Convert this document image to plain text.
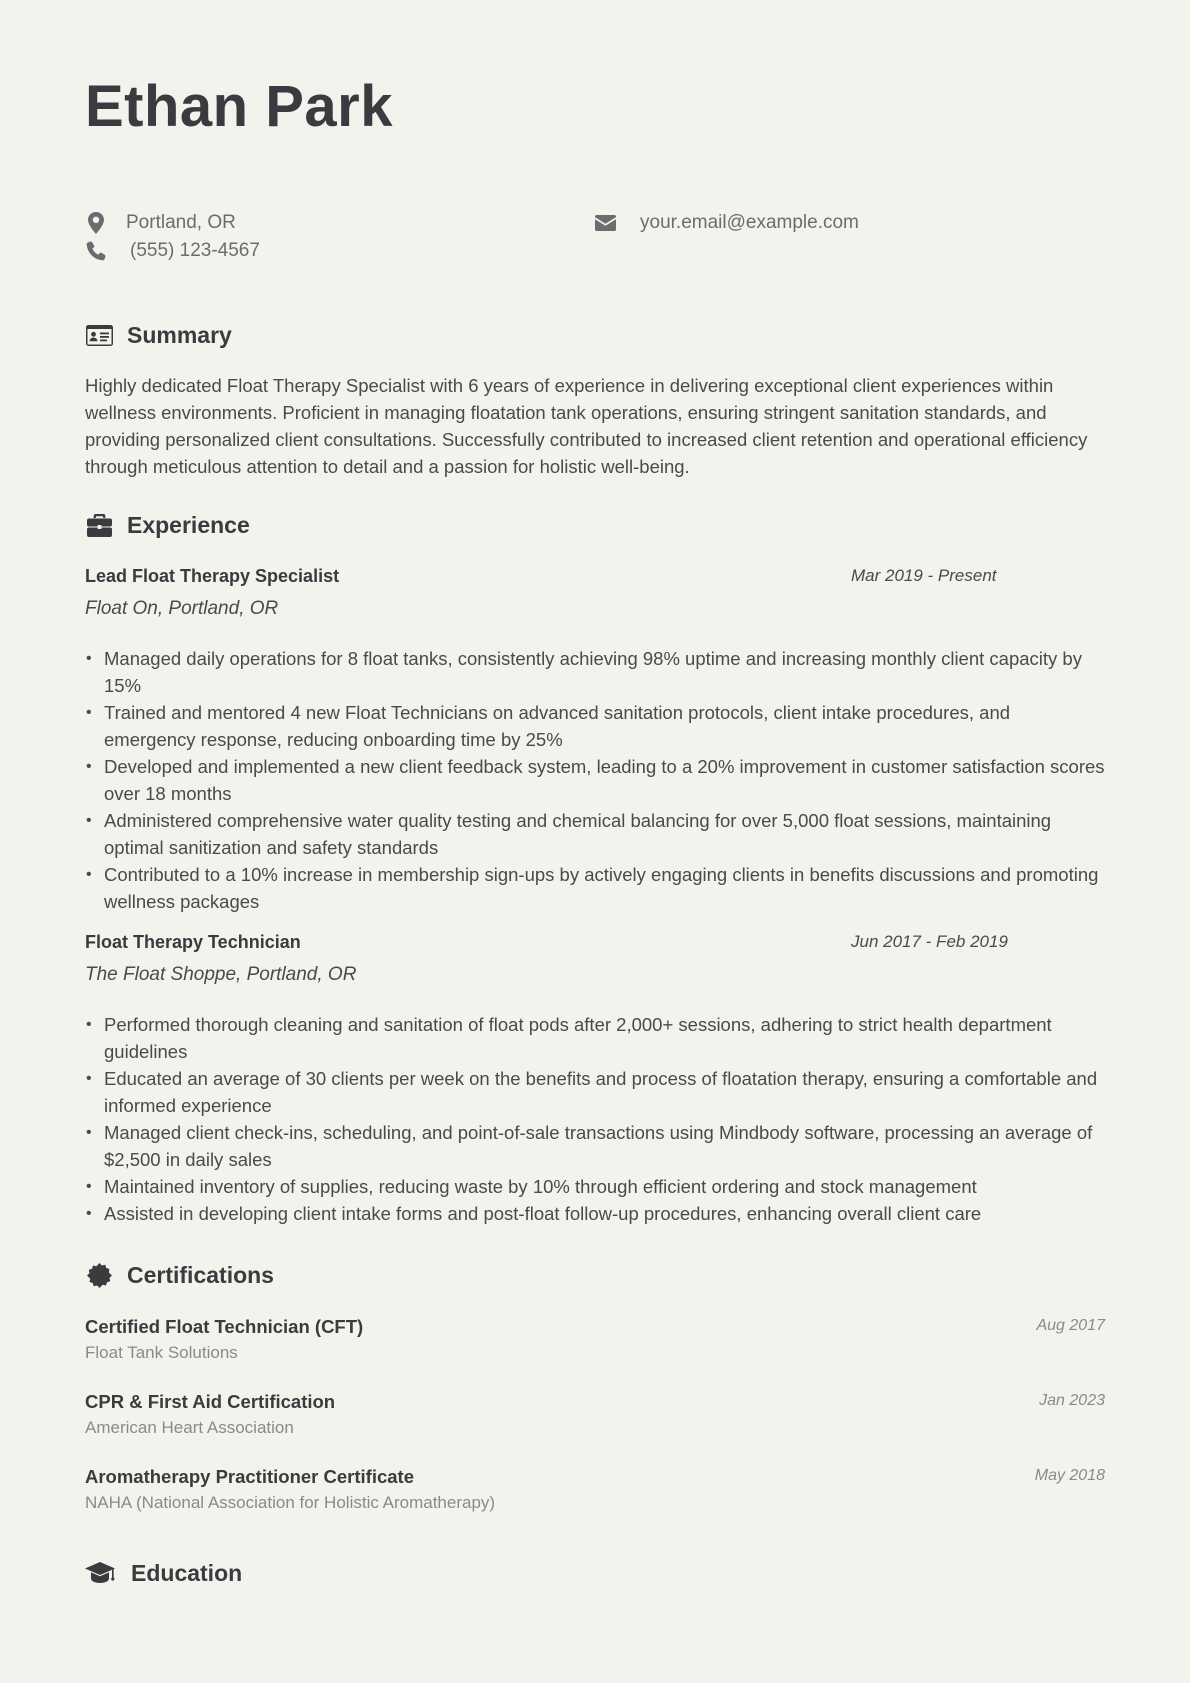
Ethan Park
Portland, OR
(555) 123-4567
your.email@example.com
Summary

Highly dedicated Float Therapy Specialist with 6 years of experience in delivering exceptional client experiences within wellness environments. Proficient in managing floatation tank operations, ensuring stringent sanitation standards, and providing personalized client consultations. Successfully contributed to increased client retention and operational efficiency through meticulous attention to detail and a passion for holistic well-being.

Experience
Lead Float Therapy Specialist	Mar 2019 - Present
Float On, Portland, OR
• Managed daily operations for 8 float tanks, consistently achieving 98% uptime and increasing monthly client capacity by 15%
• Trained and mentored 4 new Float Technicians on advanced sanitation protocols, client intake procedures, and emergency response, reducing onboarding time by 25%
• Developed and implemented a new client feedback system, leading to a 20% improvement in customer satisfaction scores over 18 months
• Administered comprehensive water quality testing and chemical balancing for over 5,000 float sessions, maintaining optimal sanitization and safety standards
• Contributed to a 10% increase in membership sign-ups by actively engaging clients in benefits discussions and promoting wellness packages
Float Therapy Technician	Jun 2017 - Feb 2019
The Float Shoppe, Portland, OR
• Performed thorough cleaning and sanitation of float pods after 2,000+ sessions, adhering to strict health department guidelines
• Educated an average of 30 clients per week on the benefits and process of floatation therapy, ensuring a comfortable and informed experience
• Managed client check-ins, scheduling, and point-of-sale transactions using Mindbody software, processing an average of $2,500 in daily sales
• Maintained inventory of supplies, reducing waste by 10% through efficient ordering and stock management
• Assisted in developing client intake forms and post-float follow-up procedures, enhancing overall client care
Certifications
Certified Float Technician (CFT)	Aug 2017
Float Tank Solutions
CPR & First Aid Certification	Jan 2023
American Heart Association
Aromatherapy Practitioner Certificate	May 2018
NAHA (National Association for Holistic Aromatherapy)
Education
